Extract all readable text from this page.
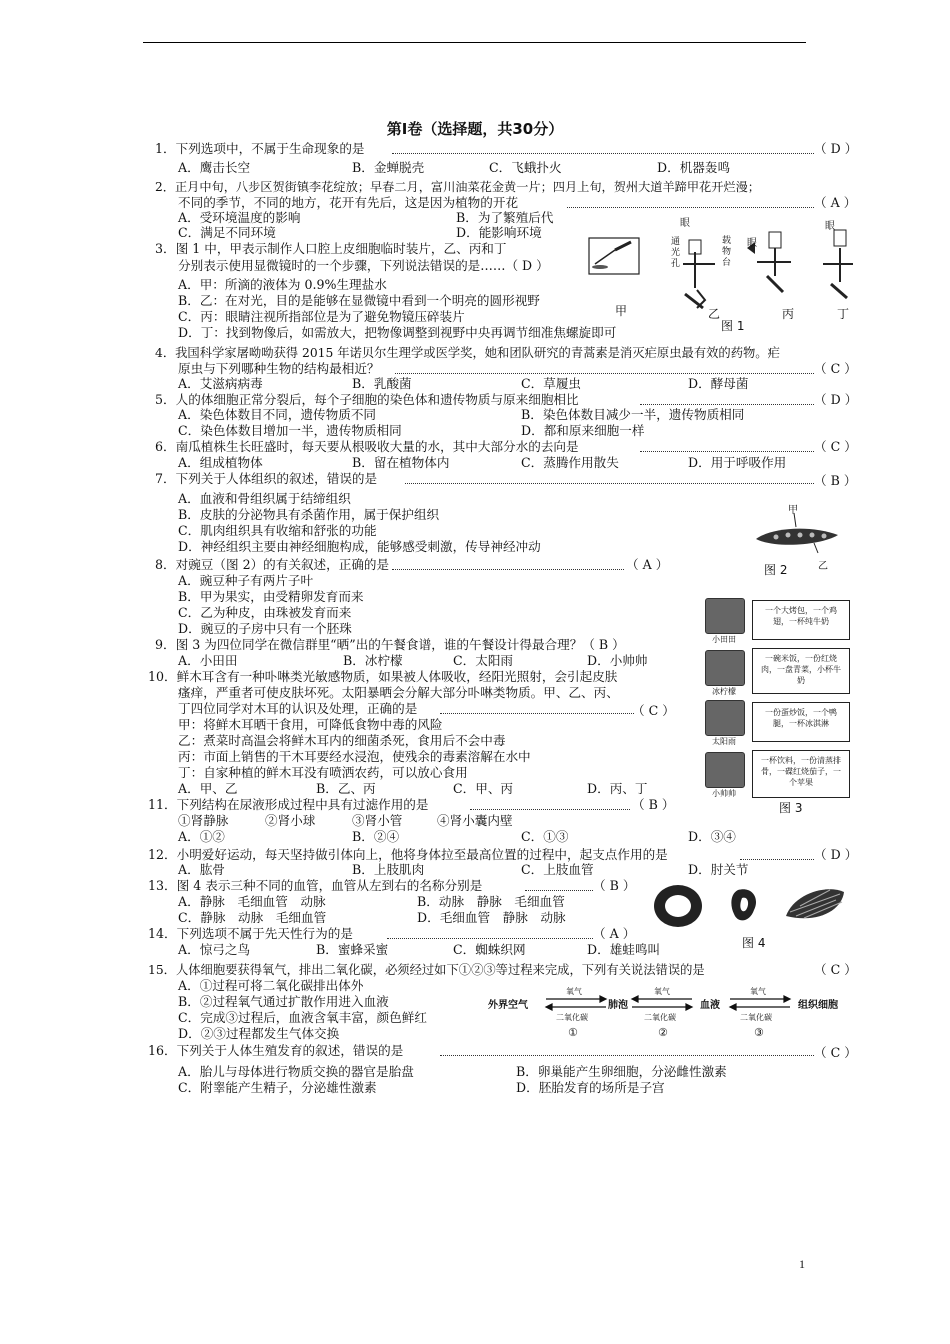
第Ⅰ卷（选择题，共30分）
1．下列选项中，不属于生命现象的是	（ D ）
A．鹰击长空	B．金蝉脱壳	C．飞蛾扑火	D．机器轰鸣
2．正月中旬，八步区贺街镇李花绽放；早春二月，富川油菜花金黄一片；四月上旬，贺州大道羊蹄甲花开烂漫；
不同的季节，不同的地方，花开有先后，这是因为植物的开花	（ A ）
A．受环境温度的影响	B．为了繁殖后代
C．满足不同环境	D．能影响环境
3．图 1 中，甲表示制作人口腔上皮细胞临时装片，乙、丙和丁
分别表示使用显微镜时的一个步骤，下列说法错误的是……（ D ）
A．甲：所滴的液体为 0.9%生理盐水
B．乙：在对光，目的是能够在显微镜中看到一个明亮的圆形视野
C．丙：眼睛注视所指部位是为了避免物镜压碎装片
D．丁：找到物像后，如需放大，把物像调整到视野中央再调节细准焦螺旋即可
眼
眼
眼
通光孔
载物台
甲	乙	丙	丁
图 1
4．我国科学家屠呦呦获得 2015 年诺贝尔生理学或医学奖，她和团队研究的青蒿素是消灭疟原虫最有效的药物。疟
原虫与下列哪种生物的结构最相近？	（ C ）
A．艾滋病病毒	B．乳酸菌	C．草履虫	D．酵母菌
5．人的体细胞正常分裂后，每个子细胞的染色体和遗传物质与原来细胞相比	（ D ）
A．染色体数目不同，遗传物质不同	B．染色体数目减少一半，遗传物质相同
C．染色体数目增加一半，遗传物质相同	D．都和原来细胞一样
6．南瓜植株生长旺盛时，每天要从根吸收大量的水，其中大部分水的去向是	（ C ）
A．组成植物体	B．留在植物体内	C．蒸腾作用散失	D．用于呼吸作用
7．下列关于人体组织的叙述，错误的是	（ B ）
A．血液和骨组织属于结缔组织
B．皮肤的分泌物具有杀菌作用，属于保护组织
C．肌肉组织具有收缩和舒张的功能
D．神经组织主要由神经细胞构成，能够感受刺激，传导神经冲动
甲
乙
图 2
8．对豌豆（图 2）的有关叙述，正确的是	（ A ）
A．豌豆种子有两片子叶
B．甲为果实，由受精卵发育而来
C．乙为种皮，由珠被发育而来
D．豌豆的子房中只有一个胚珠
9．图 3 为四位同学在微信群里“晒”出的午餐食谱，谁的午餐设计得最合理？（ B ）
A．小田田	B．冰柠檬	C．太阳雨	D．小帅帅
小田田
一个大烤包，一个鸡翅，一杯纯牛奶
冰柠檬
一碗米饭，一份红烧肉，一盘青菜，小杯牛奶
太阳雨
一份蛋炒饭，一个鸭腿，一杯冰淇淋
小帅帅
一杯饮料，一份清蒸排骨，一碟红烧茄子，一个苹果
图 3
10．鲜木耳含有一种卟啉类光敏感物质，如果被人体吸收，经阳光照射，会引起皮肤
瘙痒，严重者可使皮肤坏死。太阳暴晒会分解大部分卟啉类物质。甲、乙、丙、
丁四位同学对木耳的认识及处理，正确的是	（ C ）
甲：将鲜木耳晒干食用，可降低食物中毒的风险
乙：煮菜时高温会将鲜木耳内的细菌杀死，食用后不会中毒
丙：市面上销售的干木耳要经水浸泡，使残余的毒素溶解在水中
丁：自家种植的鲜木耳没有喷洒农药，可以放心食用
A．甲、乙	B．乙、丙	C．甲、丙	D．丙、丁
11．下列结构在尿液形成过程中具有过滤作用的是	（ B ）
①肾静脉	②肾小球	③肾小管	④肾小囊内壁
A．①②	B．②④	C．①③	D．③④
12．小明爱好运动，每天坚持做引体向上，他将身体拉至最高位置的过程中，起支点作用的是	（ D ）
A．肱骨	B．上肢肌肉	C．上肢血管	D．肘关节
13．图 4 表示三种不同的血管，血管从左到右的名称分别是	（ B ）
A．静脉　毛细血管　动脉	B．动脉　静脉　毛细血管
C．静脉　动脉　毛细血管	D．毛细血管　静脉　动脉
图 4
14．下列选项不属于先天性行为的是	（ A ）
A．惊弓之鸟	B．蜜蜂采蜜	C．蜘蛛织网	D．雄蛙鸣叫
15．人体细胞要获得氧气，排出二氧化碳，必须经过如下①②③等过程来完成，下列有关说法错误的是	（ C ）
A．①过程可将二氧化碳排出体外
B．②过程氧气通过扩散作用进入血液
C．完成③过程后，血液含氧丰富，颜色鲜红
D．②③过程都发生气体交换
外界空气	肺泡	血液	组织细胞
氧气	氧气	氧气
二氧化碳	二氧化碳	二氧化碳
①	②	③
16．下列关于人体生殖发育的叙述，错误的是	（ C ）
A．胎儿与母体进行物质交换的器官是胎盘	B．卵巢能产生卵细胞，分泌雌性激素
C．附睾能产生精子，分泌雄性激素	D．胚胎发育的场所是子宫
1
